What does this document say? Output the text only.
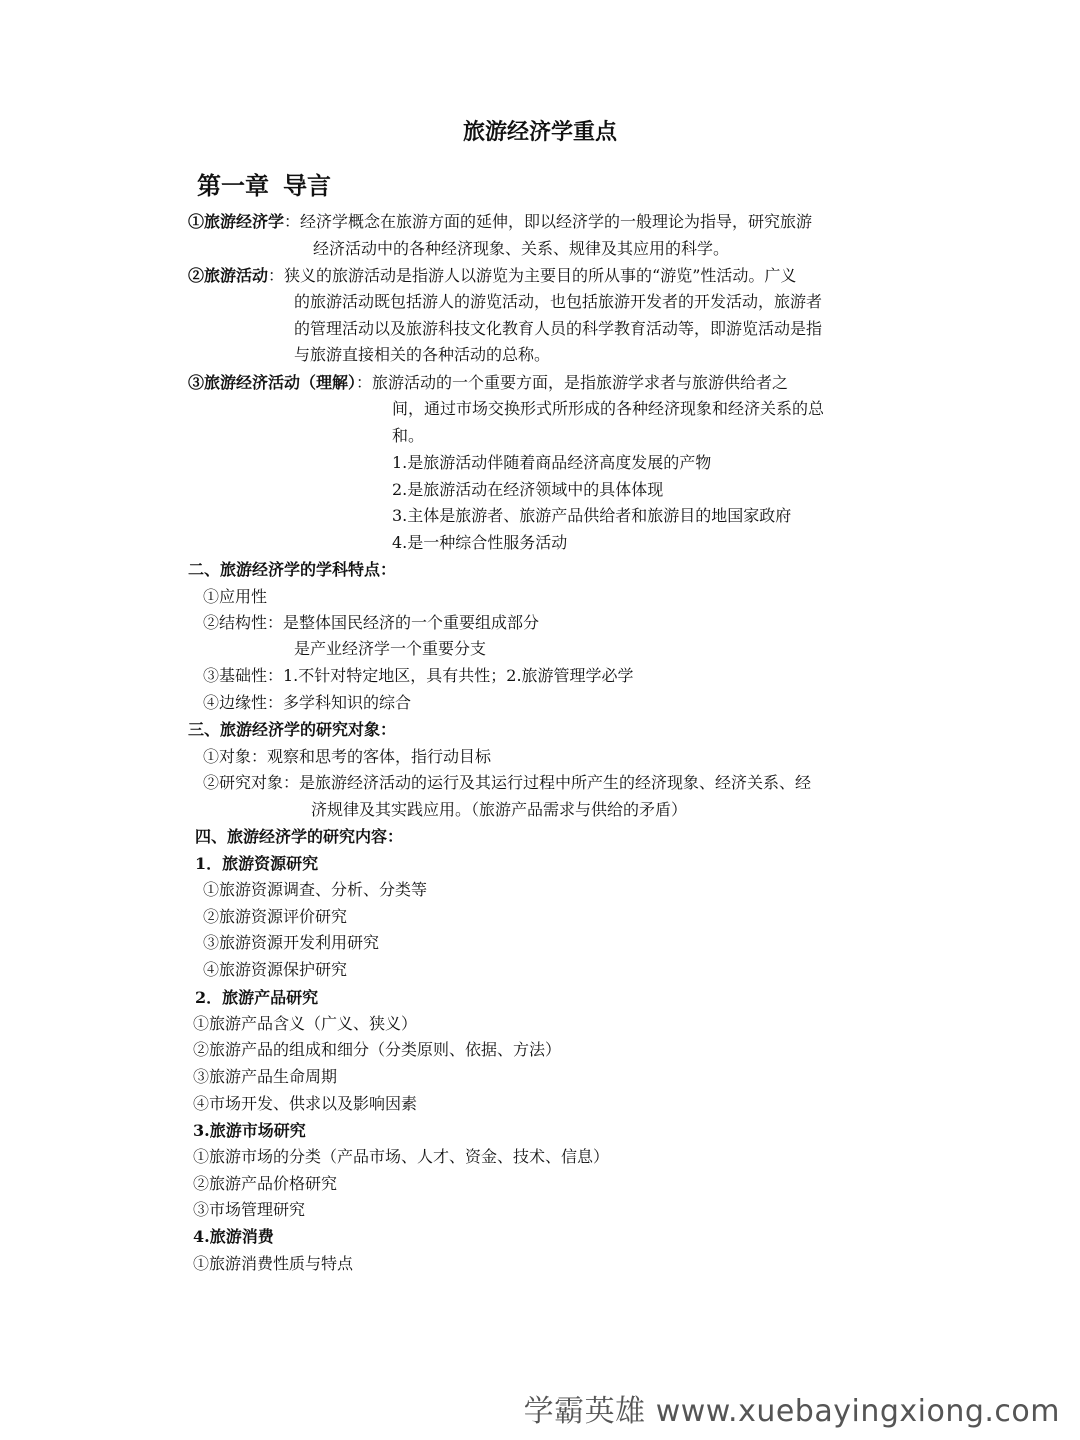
旅游经济学重点
第一章 导言
①旅游经济学：经济学概念在旅游方面的延伸，即以经济学的一般理论为指导，研究旅游
经济活动中的各种经济现象、关系、规律及其应用的科学。
②旅游活动：狭义的旅游活动是指游人以游览为主要目的所从事的“游览”性活动。广义
的旅游活动既包括游人的游览活动，也包括旅游开发者的开发活动，旅游者
的管理活动以及旅游科技文化教育人员的科学教育活动等，即游览活动是指
与旅游直接相关的各种活动的总称。
③旅游经济活动（理解）：旅游活动的一个重要方面，是指旅游学求者与旅游供给者之
间，通过市场交换形式所形成的各种经济现象和经济关系的总
和。
1.是旅游活动伴随着商品经济高度发展的产物
2.是旅游活动在经济领域中的具体体现
3.主体是旅游者、旅游产品供给者和旅游目的地国家政府
4.是一种综合性服务活动
二、旅游经济学的学科特点：
①应用性
②结构性：是整体国民经济的一个重要组成部分
是产业经济学一个重要分支
③基础性：1.不针对特定地区，具有共性；2.旅游管理学必学
④边缘性：多学科知识的综合
三、旅游经济学的研究对象：
①对象：观察和思考的客体，指行动目标
②研究对象：是旅游经济活动的运行及其运行过程中所产生的经济现象、经济关系、经
济规律及其实践应用。（旅游产品需求与供给的矛盾）
四、旅游经济学的研究内容：
1．旅游资源研究
①旅游资源调查、分析、分类等
②旅游资源评价研究
③旅游资源开发利用研究
④旅游资源保护研究
2．旅游产品研究
①旅游产品含义（广义、狭义）
②旅游产品的组成和细分（分类原则、依据、方法）
③旅游产品生命周期
④市场开发、供求以及影响因素
3.旅游市场研究
①旅游市场的分类（产品市场、人才、资金、技术、信息）
②旅游产品价格研究
③市场管理研究
4.旅游消费
①旅游消费性质与特点
学霸英雄 www.xuebayingxiong.com
